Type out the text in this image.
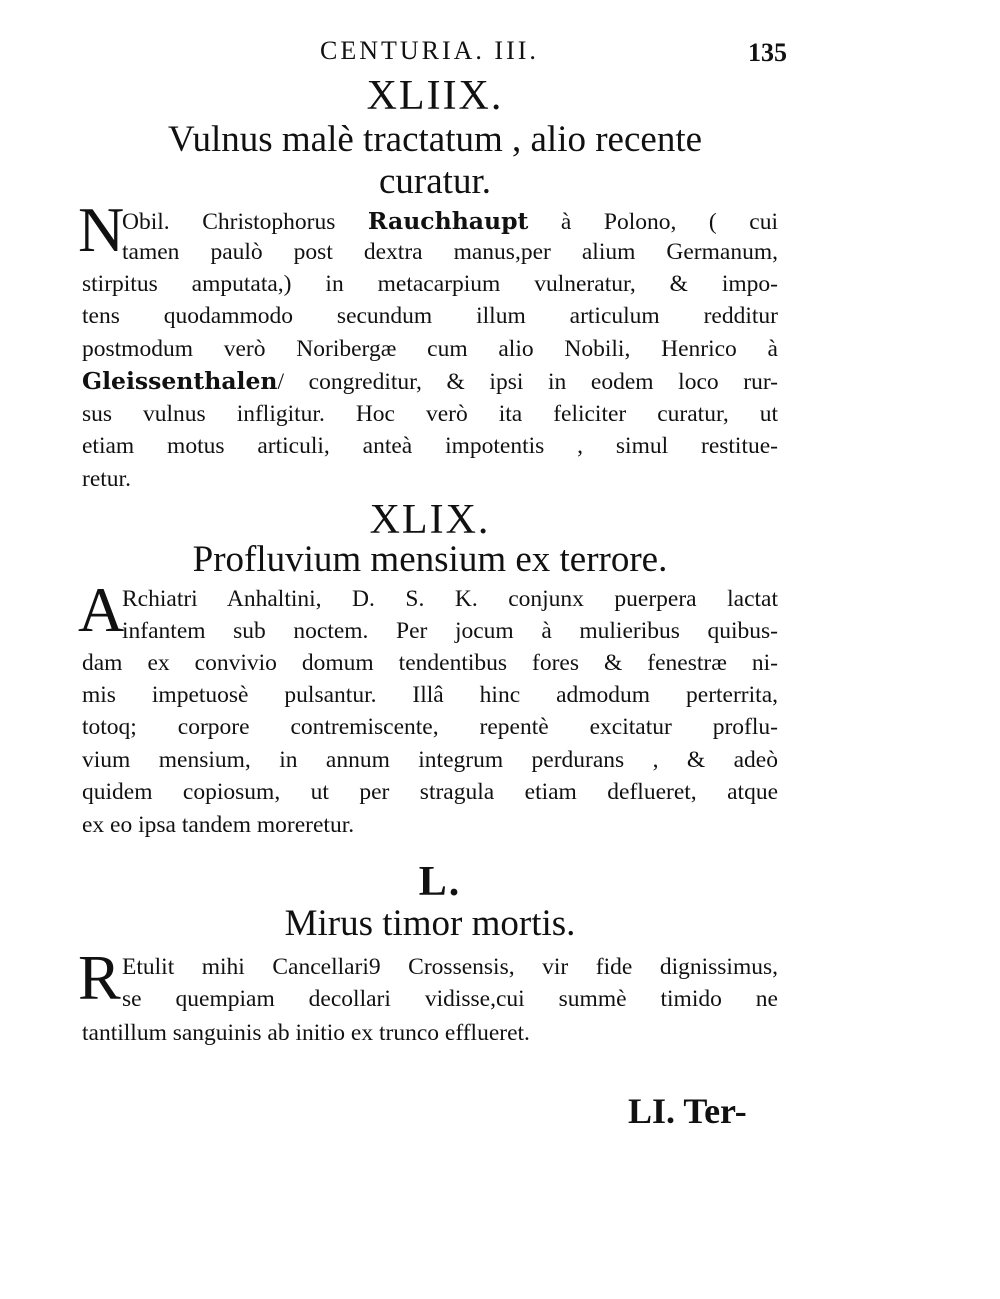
CENTURIA. III.	135
XLIIX.
Vulnus malè tractatum , alio recente
curatur.
N
Obil. Christophorus Rauchhaupt à Polono, ( cui
tamen paulò post dextra manus,per alium Germanum,
stirpitus amputata,) in metacarpium vulneratur, & impo-
tens quodammodo secundum illum articulum redditur
postmodum verò Noribergæ cum alio Nobili, Henrico à
Gleissenthalen/ congreditur, & ipsi in eodem loco rur-
sus vulnus infligitur. Hoc verò ita feliciter curatur, ut
etiam motus articuli, anteà impotentis , simul restitue-
retur.
XLIX.
Profluvium mensium ex terrore.
A
Rchiatri Anhaltini, D. S. K. conjunx puerpera lactat
infantem sub noctem. Per jocum à mulieribus quibus-
dam ex convivio domum tendentibus fores & fenestræ ni-
mis impetuosè pulsantur. Illâ hinc admodum perterrita,
totoq; corpore contremiscente, repentè excitatur proflu-
vium mensium, in annum integrum perdurans , & adeò
quidem copiosum, ut per stragula etiam deflueret, atque
ex eo ipsa tandem moreretur.
L.
Mirus timor mortis.
R Etulit mihi Cancellari9 Crossensis, vir fide dignissimus,
se quempiam decollari vidisse,cui summè timido ne
tantillum sanguinis ab initio ex trunco efflueret.
LI. Ter-
